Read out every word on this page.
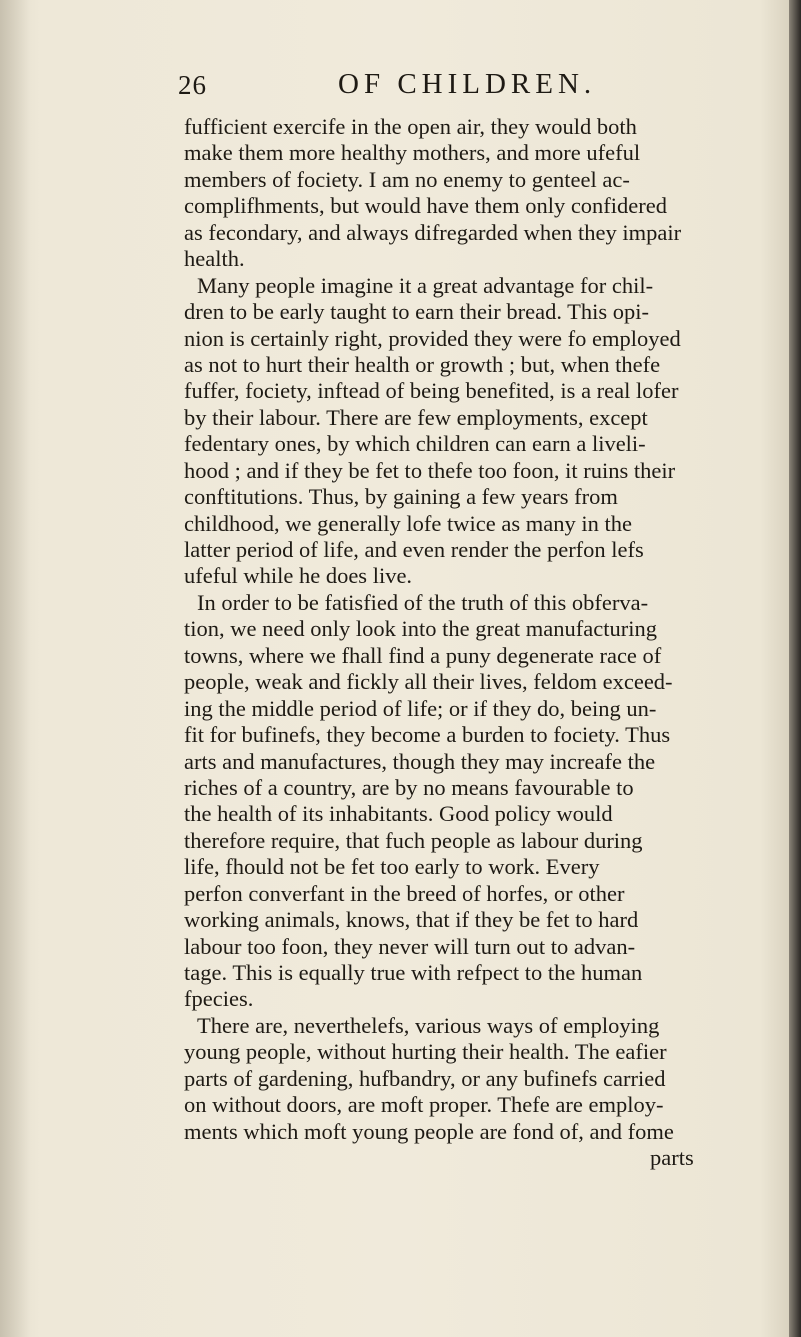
26	OF CHILDREN.
fufficient exercife in the open air, they would both
make them more healthy mothers, and more ufeful
members of fociety. I am no enemy to genteel ac-
complifhments, but would have them only confidered
as fecondary, and always difregarded when they impair
health.
Many people imagine it a great advantage for chil-
dren to be early taught to earn their bread. This opi-
nion is certainly right, provided they were fo employed
as not to hurt their health or growth ; but, when thefe
fuffer, fociety, inftead of being benefited, is a real lofer
by their labour. There are few employments, except
fedentary ones, by which children can earn a liveli-
hood ; and if they be fet to thefe too foon, it ruins their
conftitutions. Thus, by gaining a few years from
childhood, we generally lofe twice as many in the
latter period of life, and even render the perfon lefs
ufeful while he does live.
In order to be fatisfied of the truth of this obferva-
tion, we need only look into the great manufacturing
towns, where we fhall find a puny degenerate race of
people, weak and fickly all their lives, feldom exceed-
ing the middle period of life; or if they do, being un-
fit for bufinefs, they become a burden to fociety. Thus
arts and manufactures, though they may increafe the
riches of a country, are by no means favourable to
the health of its inhabitants. Good policy would
therefore require, that fuch people as labour during
life, fhould not be fet too early to work. Every
perfon converfant in the breed of horfes, or other
working animals, knows, that if they be fet to hard
labour too foon, they never will turn out to advan-
tage. This is equally true with refpect to the human
fpecies.
There are, neverthelefs, various ways of employing
young people, without hurting their health. The eafier
parts of gardening, hufbandry, or any bufinefs carried
on without doors, are moft proper. Thefe are employ-
ments which moft young people are fond of, and fome
parts
